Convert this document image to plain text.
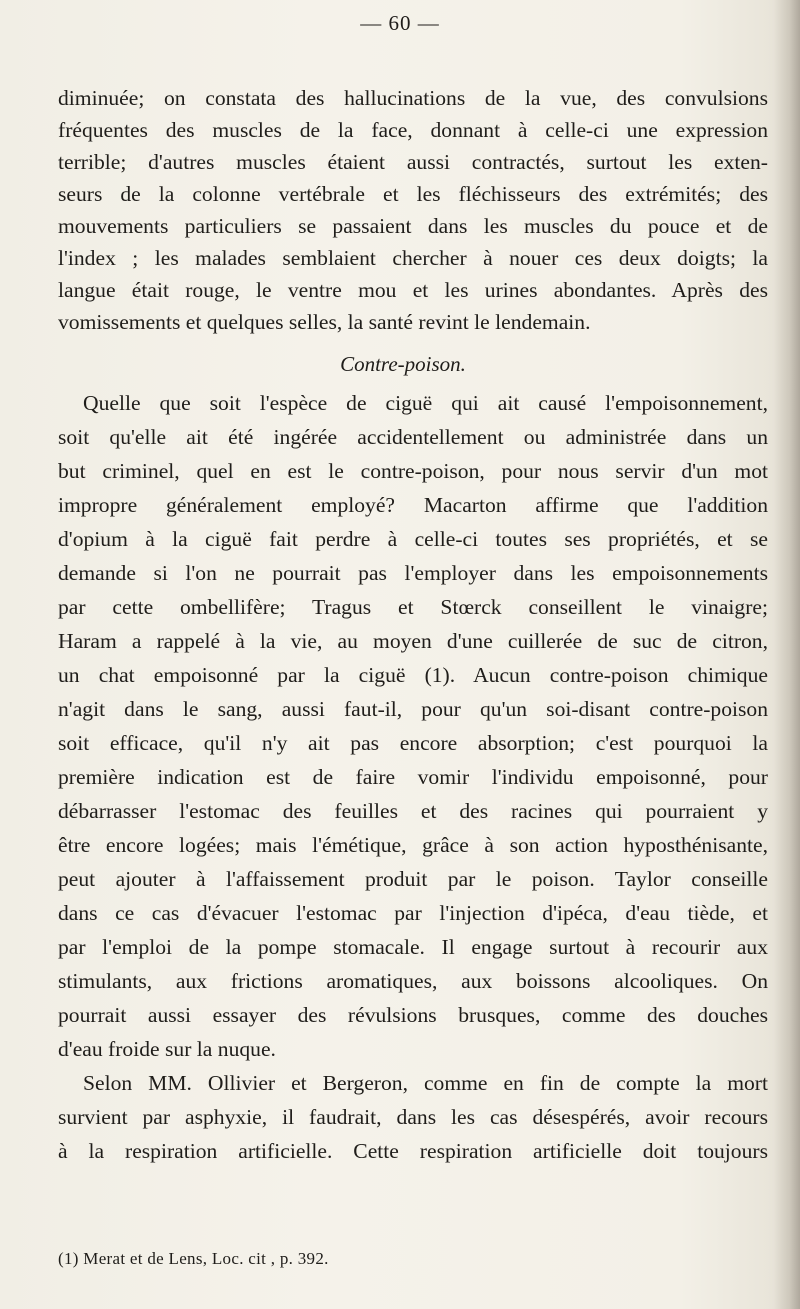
— 60 —
diminuée; on constata des hallucinations de la vue, des convulsions
fréquentes des muscles de la face, donnant à celle-ci une expression
terrible; d'autres muscles étaient aussi contractés, surtout les exten-
seurs de la colonne vertébrale et les fléchisseurs des extrémités; des
mouvements particuliers se passaient dans les muscles du pouce et de
l'index ; les malades semblaient chercher à nouer ces deux doigts; la
langue était rouge, le ventre mou et les urines abondantes. Après des
vomissements et quelques selles, la santé revint le lendemain.
Contre-poison.
Quelle que soit l'espèce de ciguë qui ait causé l'empoisonnement,
soit qu'elle ait été ingérée accidentellement ou administrée dans un
but criminel, quel en est le contre-poison, pour nous servir d'un mot
impropre généralement employé? Macarton affirme que l'addition
d'opium à la ciguë fait perdre à celle-ci toutes ses propriétés, et se
demande si l'on ne pourrait pas l'employer dans les empoisonnements
par cette ombellifère; Tragus et Stœrck conseillent le vinaigre;
Haram a rappelé à la vie, au moyen d'une cuillerée de suc de citron,
un chat empoisonné par la ciguë (1). Aucun contre-poison chimique
n'agit dans le sang, aussi faut-il, pour qu'un soi-disant contre-poison
soit efficace, qu'il n'y ait pas encore absorption; c'est pourquoi la
première indication est de faire vomir l'individu empoisonné, pour
débarrasser l'estomac des feuilles et des racines qui pourraient y
être encore logées; mais l'émétique, grâce à son action hyposthénisante,
peut ajouter à l'affaissement produit par le poison. Taylor conseille
dans ce cas d'évacuer l'estomac par l'injection d'ipéca, d'eau tiède, et
par l'emploi de la pompe stomacale. Il engage surtout à recourir aux
stimulants, aux frictions aromatiques, aux boissons alcooliques. On
pourrait aussi essayer des révulsions brusques, comme des douches
d'eau froide sur la nuque.
Selon MM. Ollivier et Bergeron, comme en fin de compte la mort
survient par asphyxie, il faudrait, dans les cas désespérés, avoir recours
à la respiration artificielle. Cette respiration artificielle doit toujours
(1) Merat et de Lens, Loc. cit , p. 392.
